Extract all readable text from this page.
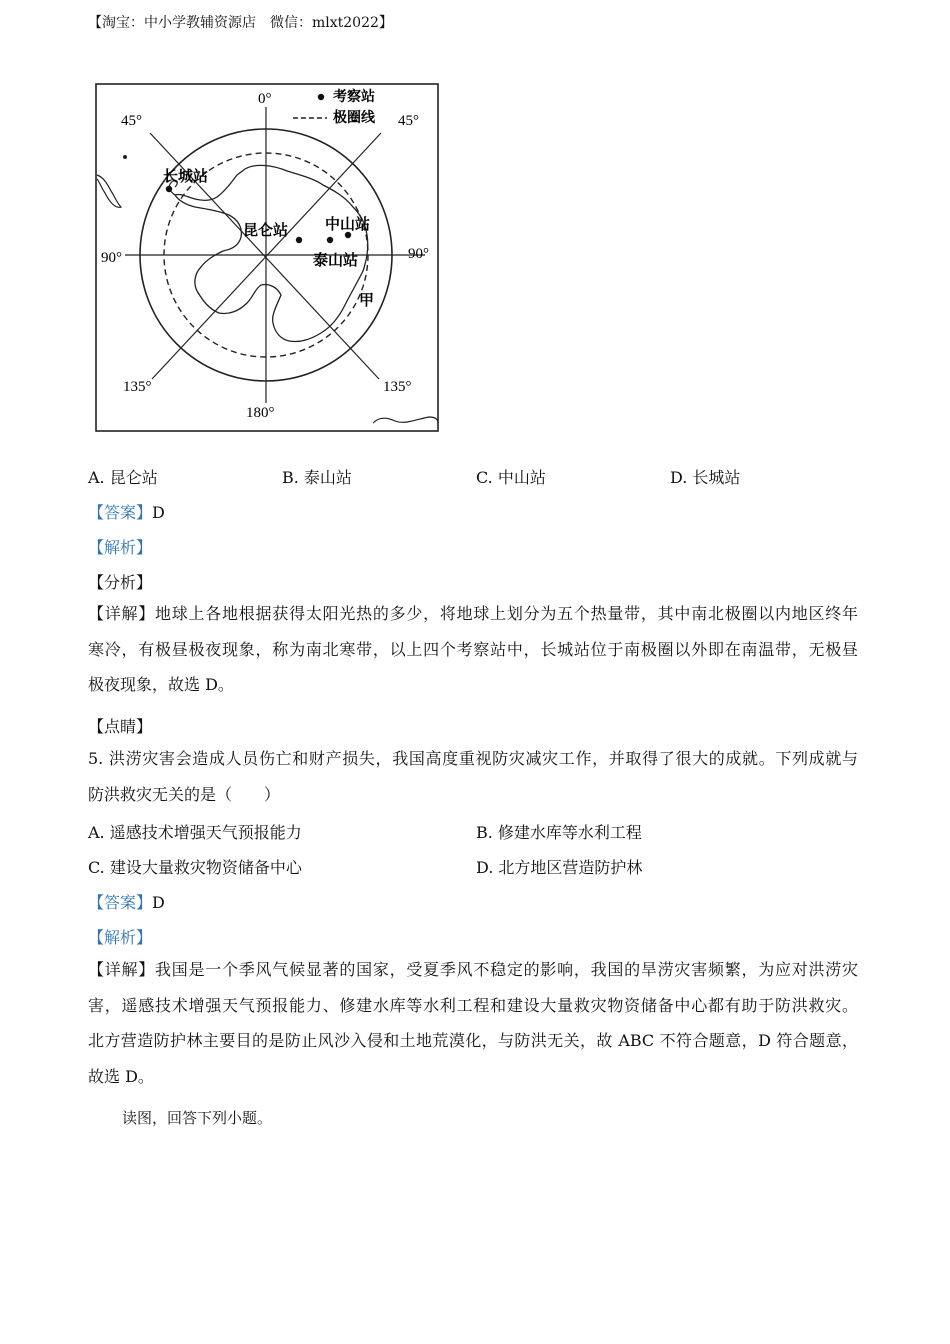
【淘宝：中小学教辅资源店　微信：mlxt2022】
考察站
极圈线
0°
45°	45°
90°	90°
135°	135°
180°
长城站
昆仑站 中山站
泰山站
甲
A. 昆仑站	B. 泰山站	C. 中山站	D. 长城站
【答案】D
【解析】
【分析】
【详解】地球上各地根据获得太阳光热的多少，将地球上划分为五个热量带，其中南北极圈以内地区终年
寒冷，有极昼极夜现象，称为南北寒带，以上四个考察站中，长城站位于南极圈以外即在南温带，无极昼
极夜现象，故选 D。
【点睛】
5. 洪涝灾害会造成人员伤亡和财产损失，我国高度重视防灾减灾工作，并取得了很大的成就。下列成就与
防洪救灾无关的是（　　）
A. 遥感技术增强天气预报能力	B. 修建水库等水利工程
C. 建设大量救灾物资储备中心	D. 北方地区营造防护林
【答案】D
【解析】
【详解】我国是一个季风气候显著的国家，受夏季风不稳定的影响，我国的旱涝灾害频繁，为应对洪涝灾
害，遥感技术增强天气预报能力、修建水库等水利工程和建设大量救灾物资储备中心都有助于防洪救灾。
北方营造防护林主要目的是防止风沙入侵和土地荒漠化，与防洪无关，故 ABC 不符合题意，D 符合题意，
故选 D。
读图，回答下列小题。
